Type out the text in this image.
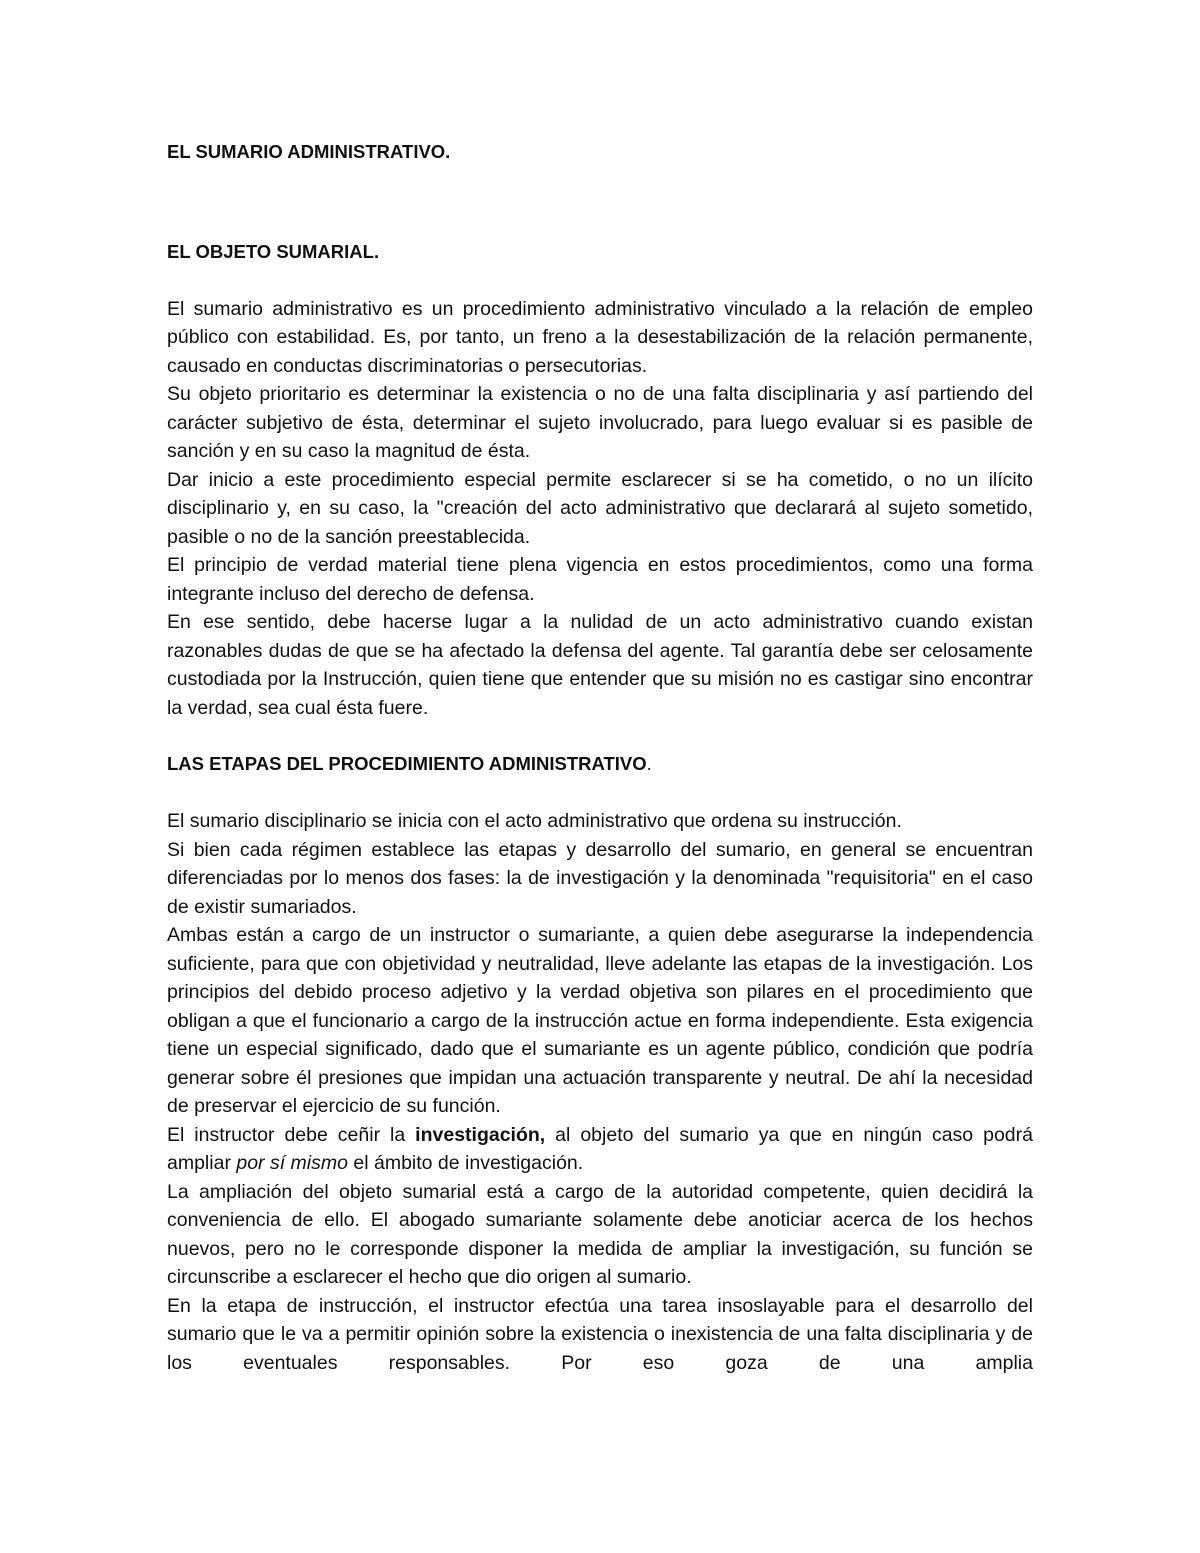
EL SUMARIO ADMINISTRATIVO.
EL OBJETO SUMARIAL.

El sumario administrativo es un procedimiento administrativo vinculado a la relación de empleo público con estabilidad. Es, por tanto, un freno a la desestabilización de la relación permanente, causado en conductas discriminatorias o persecutorias.

Su objeto prioritario es determinar la existencia o no de una falta disciplinaria y así partiendo del carácter subjetivo de ésta, determinar el sujeto involucrado, para luego evaluar si es pasible de sanción y en su caso la magnitud de ésta.

Dar inicio a este procedimiento especial permite esclarecer si se ha cometido, o no un ilícito disciplinario y, en su caso, la "creación del acto administrativo que declarará al sujeto sometido, pasible o no de la sanción preestablecida.

El principio de verdad material tiene plena vigencia en estos procedimientos, como una forma integrante incluso del derecho de defensa.

En ese sentido, debe hacerse lugar a la nulidad de un acto administrativo cuando existan razonables dudas de que se ha afectado la defensa del agente. Tal garantía debe ser celosamente custodiada por la Instrucción, quien tiene que entender que su misión no es castigar sino encontrar la verdad, sea cual ésta fuere.

LAS ETAPAS DEL PROCEDIMIENTO ADMINISTRATIVO.

El sumario disciplinario se inicia con el acto administrativo que ordena su instrucción.

Si bien cada régimen establece las etapas y desarrollo del sumario, en general se encuentran diferenciadas por lo menos dos fases: la de investigación y la denominada "requisitoria" en el caso de existir sumariados.

Ambas están a cargo de un instructor o sumariante, a quien debe asegurarse la independencia suficiente, para que con objetividad y neutralidad, lleve adelante las etapas de la investigación. Los principios del debido proceso adjetivo y la verdad objetiva son pilares en el procedimiento que obligan a que el funcionario a cargo de la instrucción actue en forma independiente. Esta exigencia tiene un especial significado, dado que el sumariante es un agente público, condición que podría generar sobre él presiones que impidan una actuación transparente y neutral. De ahí la necesidad de preservar el ejercicio de su función.

El instructor debe ceñir la investigación, al objeto del sumario ya que en ningún caso podrá ampliar por sí mismo el ámbito de investigación.

La ampliación del objeto sumarial está a cargo de la autoridad competente, quien decidirá la conveniencia de ello. El abogado sumariante solamente debe anoticiar acerca de los hechos nuevos, pero no le corresponde disponer la medida de ampliar la investigación, su función se circunscribe a esclarecer el hecho que dio origen al sumario.

En la etapa de instrucción, el instructor efectúa una tarea insoslayable para el desarrollo del sumario que le va a permitir opinión sobre la existencia o inexistencia de una falta disciplinaria y de los eventuales responsables. Por eso goza de una amplia
